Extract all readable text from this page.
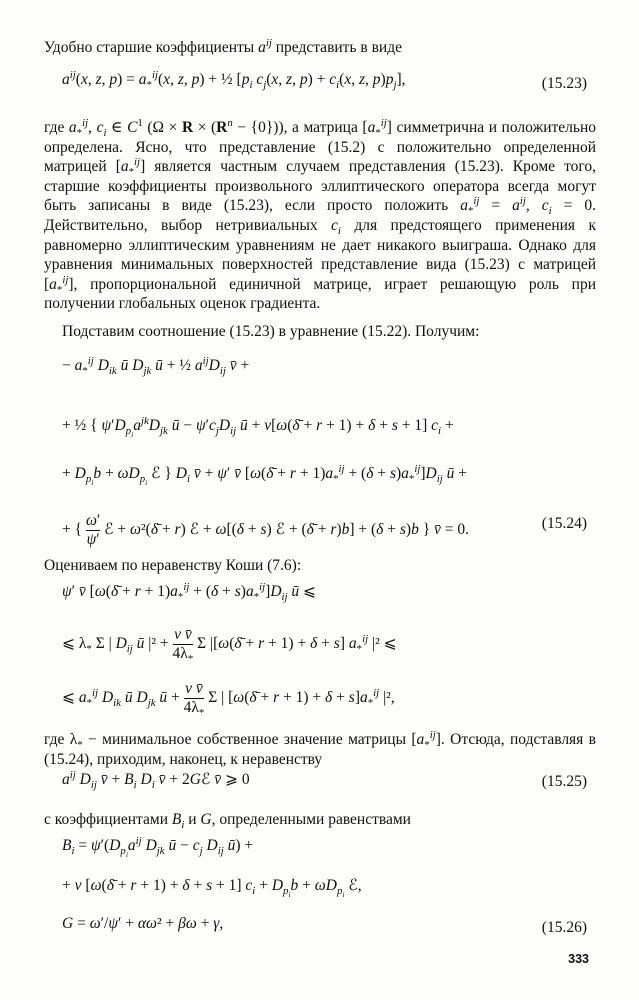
Удобно старшие коэффициенты $a^{ij}$ представить в виде
$a^{ij}(x$, z, $p) = a_*^{ij}(x$, z, p) + ½ [$p_i$ $c_j(x$, z, $p) + c_i(x$, z, $p)p_j$],	(15.23)
где $a_*^{ij}$, $c_i$ ∈ $C^1$ $(\Omega \times R \times (R^n - \{0\}))$, а матрица $[a_*^{ij}]$ симметрична и положительно определена. Ясно, что представление (15.2) с положительно определенной матрицей $[a_*^{ij}]$ является частным случаем представления (15.23). Кроме того, старшие коэффициенты произвольного эллиптического оператора всегда могут быть записаны в виде (15.23), если просто положить $a_*^{ij} = a^{ij}$, $c_i = 0$. Действительно, выбор нетривиальных $c_i$ для предстоящего применения к равномерно эллиптическим уравнениям не дает никакого выиграша. Однако для уравнения минимальных поверхностей представление вида (15.23) с матрицей $[a_*^{ij}]$, пропорциональной единичной матрице, играет решающую роль при получении глобальных оценок градиента.
Подставим соотношение (15.23) в уравнение (15.22). Получим:
− $a_*^{ij}$ $D_{ik}$ ū $D_{jk}$ ū + ½ $a^{ij}D_{ij}$ v̄ +
+ ½ { $\psi'D_{p_i}a^{jk}D_{jk}$ ū − $\psi'c_jD_{ij}$ ū + v[ω(δ̄ + r + 1) + δ + s + 1] $c_i$ +
+ $D_{p_i}b + \omega D_{p_i}$ ℰ } $D_i$ v̄ + ψ′ v̄ [ω(δ̄ + $r + 1)a_*^{ij} + (\delta + s)a_*^{ij}]D_{ij}$ ū +
+ { ω′

ψ′
ℰ + ω²(δ̄ + r) ℰ + ω[(δ + s) ℰ + (δ̄ + r)b] + (δ + s)b } v̄ = 0.	(15.24)
Оцениваем по неравенству Коши (7.6):
ψ′ v̄ [ω(δ̄ + $r + 1)a_*^{ij} + (\delta + s)a_*^{ij}]D_{ij}$ ū ⩽
⩽ $\lambda_*$ Σ | $D_{ij}$ ū $|^2 + \frac{\text{v v̄}}{4\lambda_*}$ Σ |[ω(δ̄ + r + 1) + δ + s] $a_*^{ij}$ |² ⩽
⩽ $a_*^{ij}$ $D_{ik}$ ū $D_{jk}$ ū + $\frac{\text{v v̄}}{4\lambda_*}$ Σ | [ω(δ̄ + $r + 1) + \delta + s]a_*^{ij}$ |²,
где $\lambda_*$ − минимальное собственное значение матрицы $[a_*^{ij}]$. Отсюда, подставляя в (15.24), приходим, наконец, к неравенству
$a^{ij}$ $D_{ij}$ v̄ + $B_i$ $D_i$ v̄ + 2Gℰ v̄ ⩾ 0	(15.25)
с коэффициентами $B_i$ и G, определенными равенствами
$B_i = \psi'(D_{p_i}a^{ij}$ $D_{jk}$ ū − $c_j$ $D_{ij}$ ū) +
+ v [ω(δ̄ + r + 1) + δ + s + 1] $c_i + D_{p_i}b + \omega D_{p_i}$ ℰ,
G = ω′/ψ′ + αω² + βω + γ,	(15.26)
333
